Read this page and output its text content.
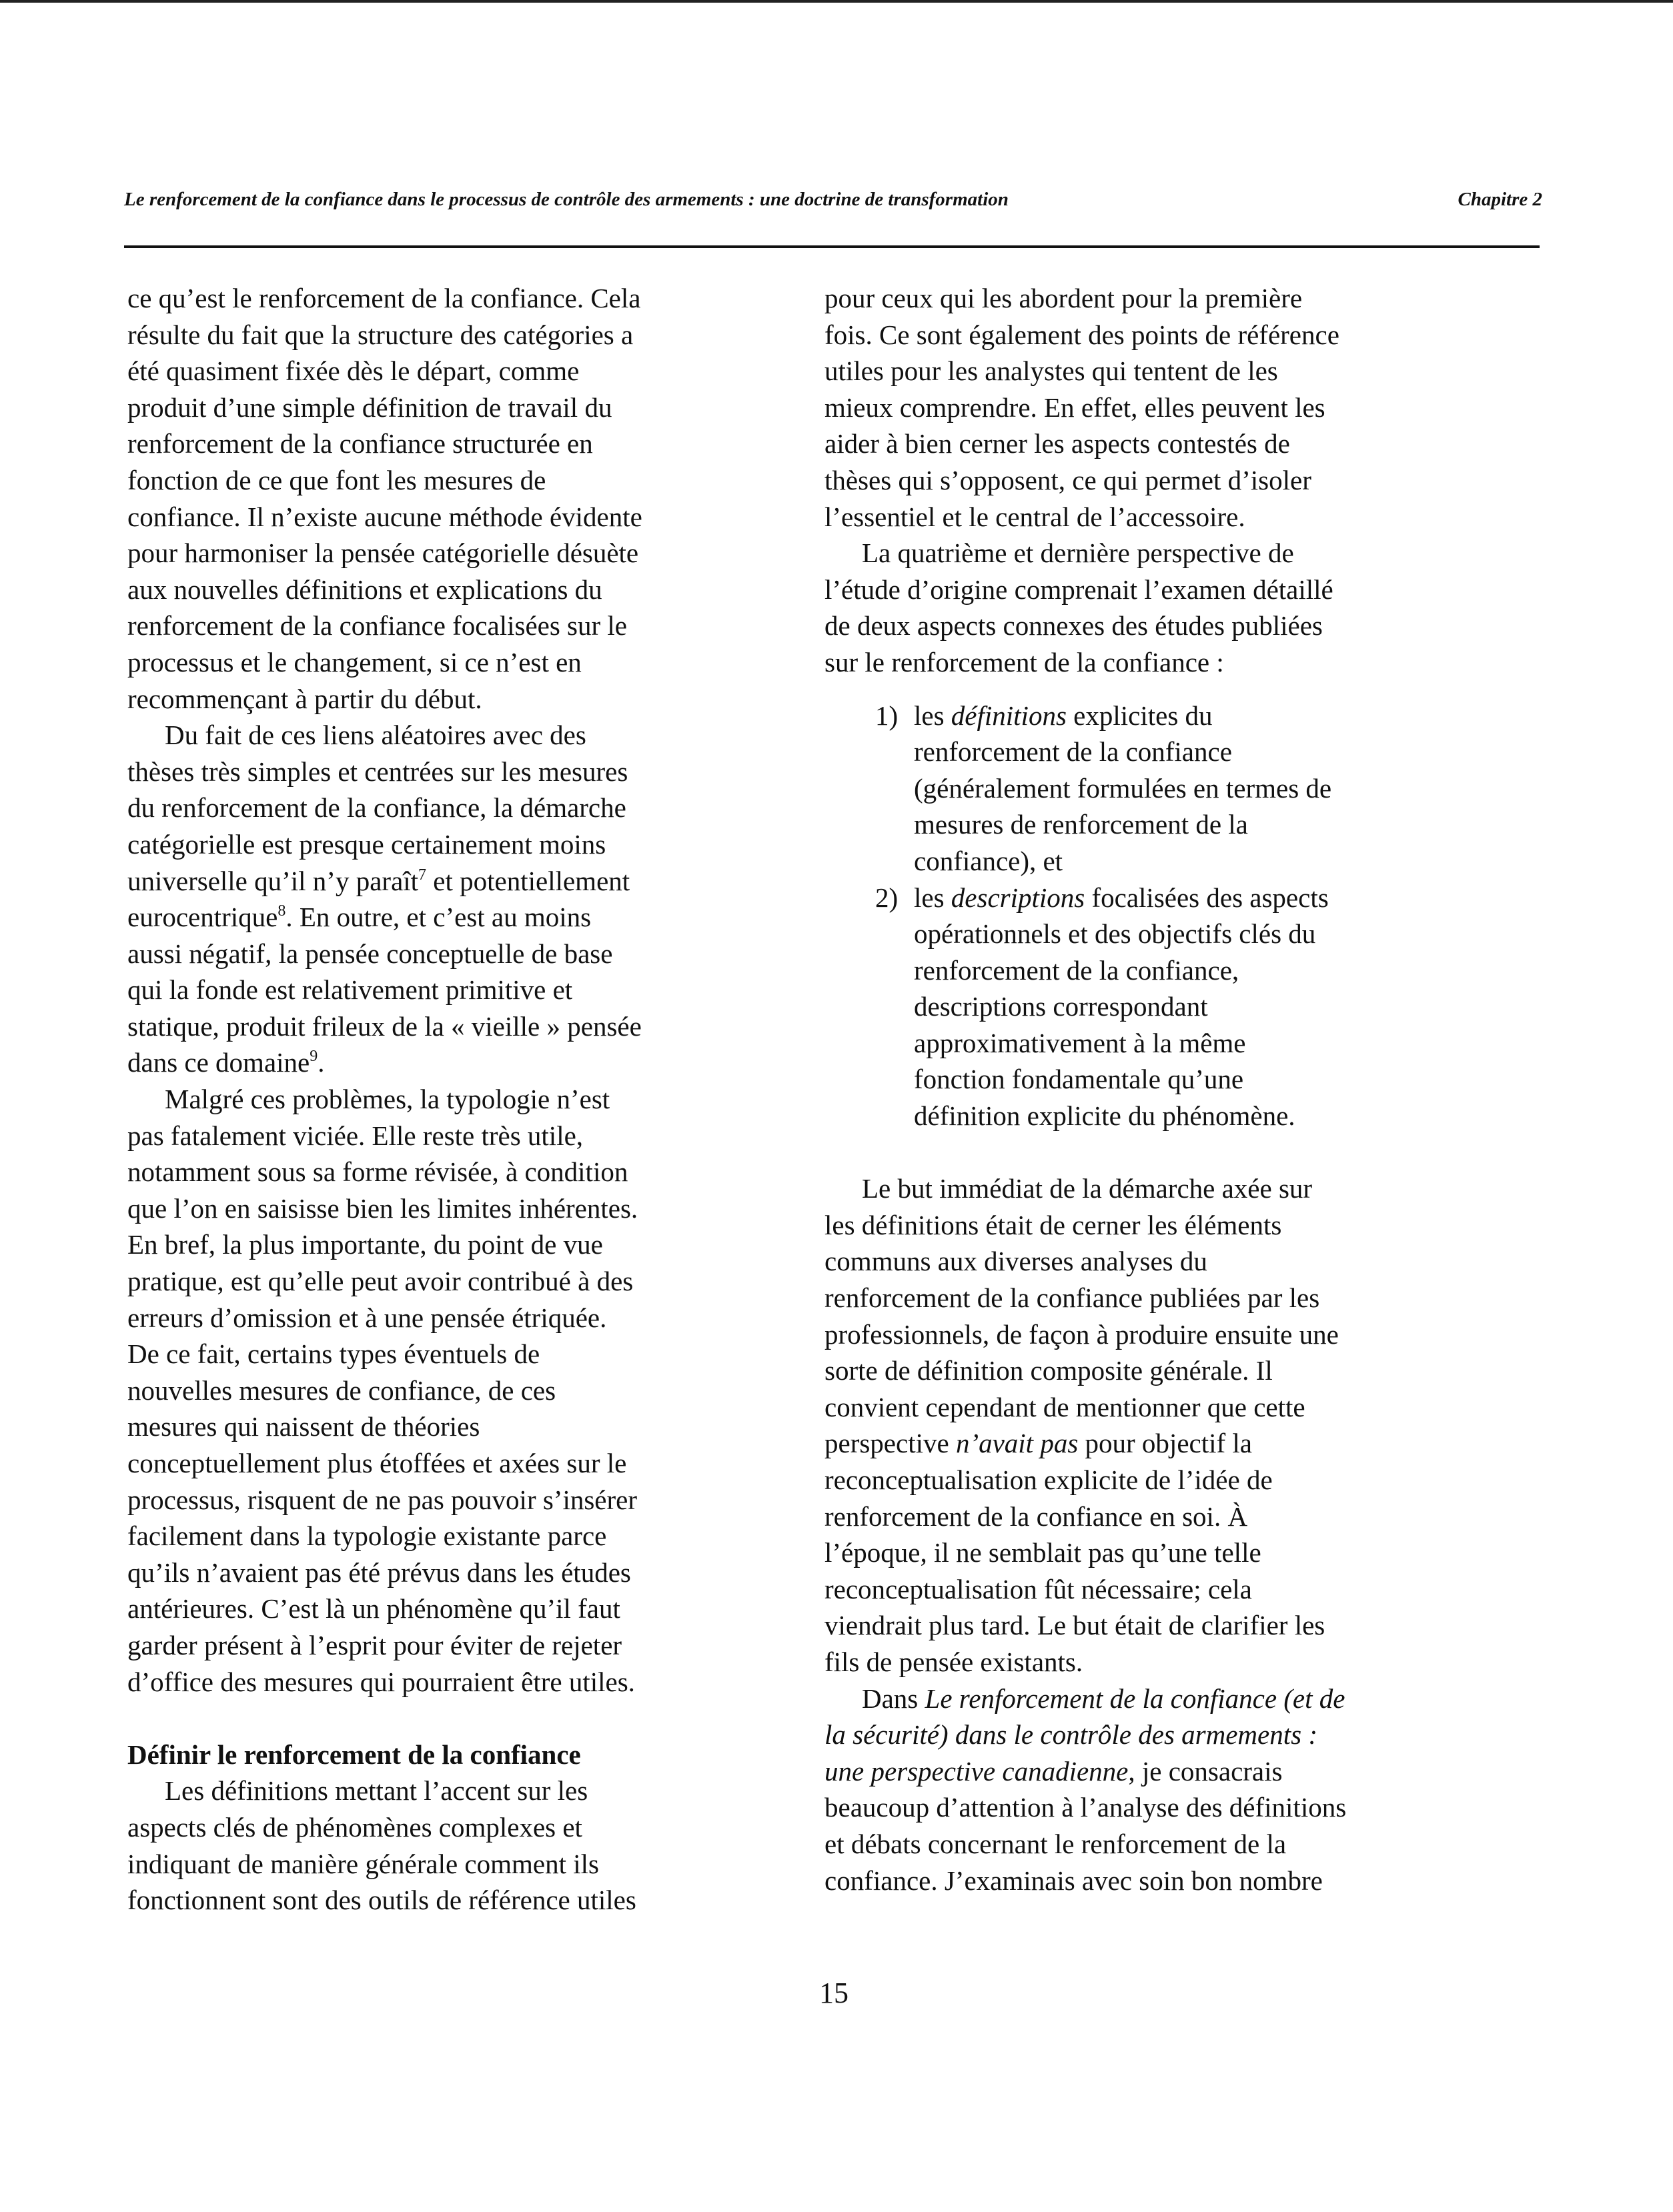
Le renforcement de la confiance dans le processus de contrôle des armements : une doctrine de transformation	Chapitre 2
ce qu’est le renforcement de la confiance. Cela
résulte du fait que la structure des catégories a
été quasiment fixée dès le départ, comme
produit d’une simple définition de travail du
renforcement de la confiance structurée en
fonction de ce que font les mesures de
confiance. Il n’existe aucune méthode évidente
pour harmoniser la pensée catégorielle désuète
aux nouvelles définitions et explications du
renforcement de la confiance focalisées sur le
processus et le changement, si ce n’est en
recommençant à partir du début.
Du fait de ces liens aléatoires avec des
thèses très simples et centrées sur les mesures
du renforcement de la confiance, la démarche
catégorielle est presque certainement moins
universelle qu’il n’y paraît$^7$ et potentiellement
eurocentrique$^8$. En outre, et c’est au moins
aussi négatif, la pensée conceptuelle de base
qui la fonde est relativement primitive et
statique, produit frileux de la « vieille » pensée
dans ce domaine$^9$.
Malgré ces problèmes, la typologie n’est
pas fatalement viciée. Elle reste très utile,
notamment sous sa forme révisée, à condition
que l’on en saisisse bien les limites inhérentes.
En bref, la plus importante, du point de vue
pratique, est qu’elle peut avoir contribué à des
erreurs d’omission et à une pensée étriquée.
De ce fait, certains types éventuels de
nouvelles mesures de confiance, de ces
mesures qui naissent de théories
conceptuellement plus étoffées et axées sur le
processus, risquent de ne pas pouvoir s’insérer
facilement dans la typologie existante parce
qu’ils n’avaient pas été prévus dans les études
antérieures. C’est là un phénomène qu’il faut
garder présent à l’esprit pour éviter de rejeter
d’office des mesures qui pourraient être utiles.
Définir le renforcement de la confiance
Les définitions mettant l’accent sur les
aspects clés de phénomènes complexes et
indiquant de manière générale comment ils
fonctionnent sont des outils de référence utiles
pour ceux qui les abordent pour la première
fois. Ce sont également des points de référence
utiles pour les analystes qui tentent de les
mieux comprendre. En effet, elles peuvent les
aider à bien cerner les aspects contestés de
thèses qui s’opposent, ce qui permet d’isoler
l’essentiel et le central de l’accessoire.
La quatrième et dernière perspective de
l’étude d’origine comprenait l’examen détaillé
de deux aspects connexes des études publiées
sur le renforcement de la confiance :
1) les définitions explicites du
renforcement de la confiance
(généralement formulées en termes de
mesures de renforcement de la
confiance), et
2) les descriptions focalisées des aspects
opérationnels et des objectifs clés du
renforcement de la confiance,
descriptions correspondant
approximativement à la même
fonction fondamentale qu’une
définition explicite du phénomène.
Le but immédiat de la démarche axée sur
les définitions était de cerner les éléments
communs aux diverses analyses du
renforcement de la confiance publiées par les
professionnels, de façon à produire ensuite une
sorte de définition composite générale. Il
convient cependant de mentionner que cette
perspective n’avait pas pour objectif la
reconceptualisation explicite de l’idée de
renforcement de la confiance en soi. À
l’époque, il ne semblait pas qu’une telle
reconceptualisation fût nécessaire; cela
viendrait plus tard. Le but était de clarifier les
fils de pensée existants.
Dans Le renforcement de la confiance (et de
la sécurité) dans le contrôle des armements :
une perspective canadienne, je consacrais
beaucoup d’attention à l’analyse des définitions
et débats concernant le renforcement de la
confiance. J’examinais avec soin bon nombre
15
